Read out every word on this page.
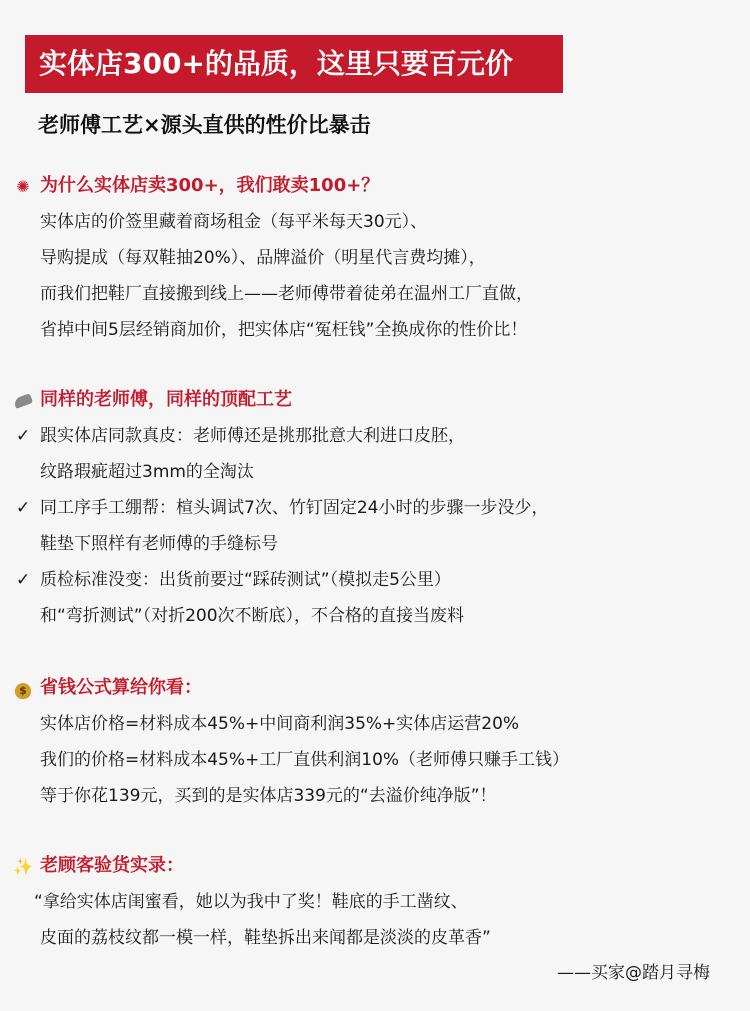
实体店300+的品质，这里只要百元价
老师傅工艺×源头直供的性价比暴击
✺ 为什么实体店卖300+，我们敢卖100+？
实体店的价签里藏着商场租金（每平米每天30元）、
导购提成（每双鞋抽20%）、品牌溢价（明星代言费均摊），
而我们把鞋厂直接搬到线上——老师傅带着徒弟在温州工厂直做，
省掉中间5层经销商加价，把实体店“冤枉钱”全换成你的性价比！
同样的老师傅，同样的顶配工艺
✓ 跟实体店同款真皮：老师傅还是挑那批意大利进口皮胚，
纹路瑕疵超过3mm的全淘汰
✓ 同工序手工绷帮：楦头调试7次、竹钉固定24小时的步骤一步没少，
鞋垫下照样有老师傅的手缝标号
✓ 质检标准没变：出货前要过“踩砖测试”（模拟走5公里）
和“弯折测试”（对折200次不断底），不合格的直接当废料
$ 省钱公式算给你看：
实体店价格=材料成本45%+中间商利润35%+实体店运营20%
我们的价格=材料成本45%+工厂直供利润10%（老师傅只赚手工钱）
等于你花139元，买到的是实体店339元的“去溢价纯净版”！
✨ 老顾客验货实录：
“拿给实体店闺蜜看，她以为我中了奖！鞋底的手工凿纹、
皮面的荔枝纹都一模一样，鞋垫拆出来闻都是淡淡的皮革香”
——买家@踏月寻梅
